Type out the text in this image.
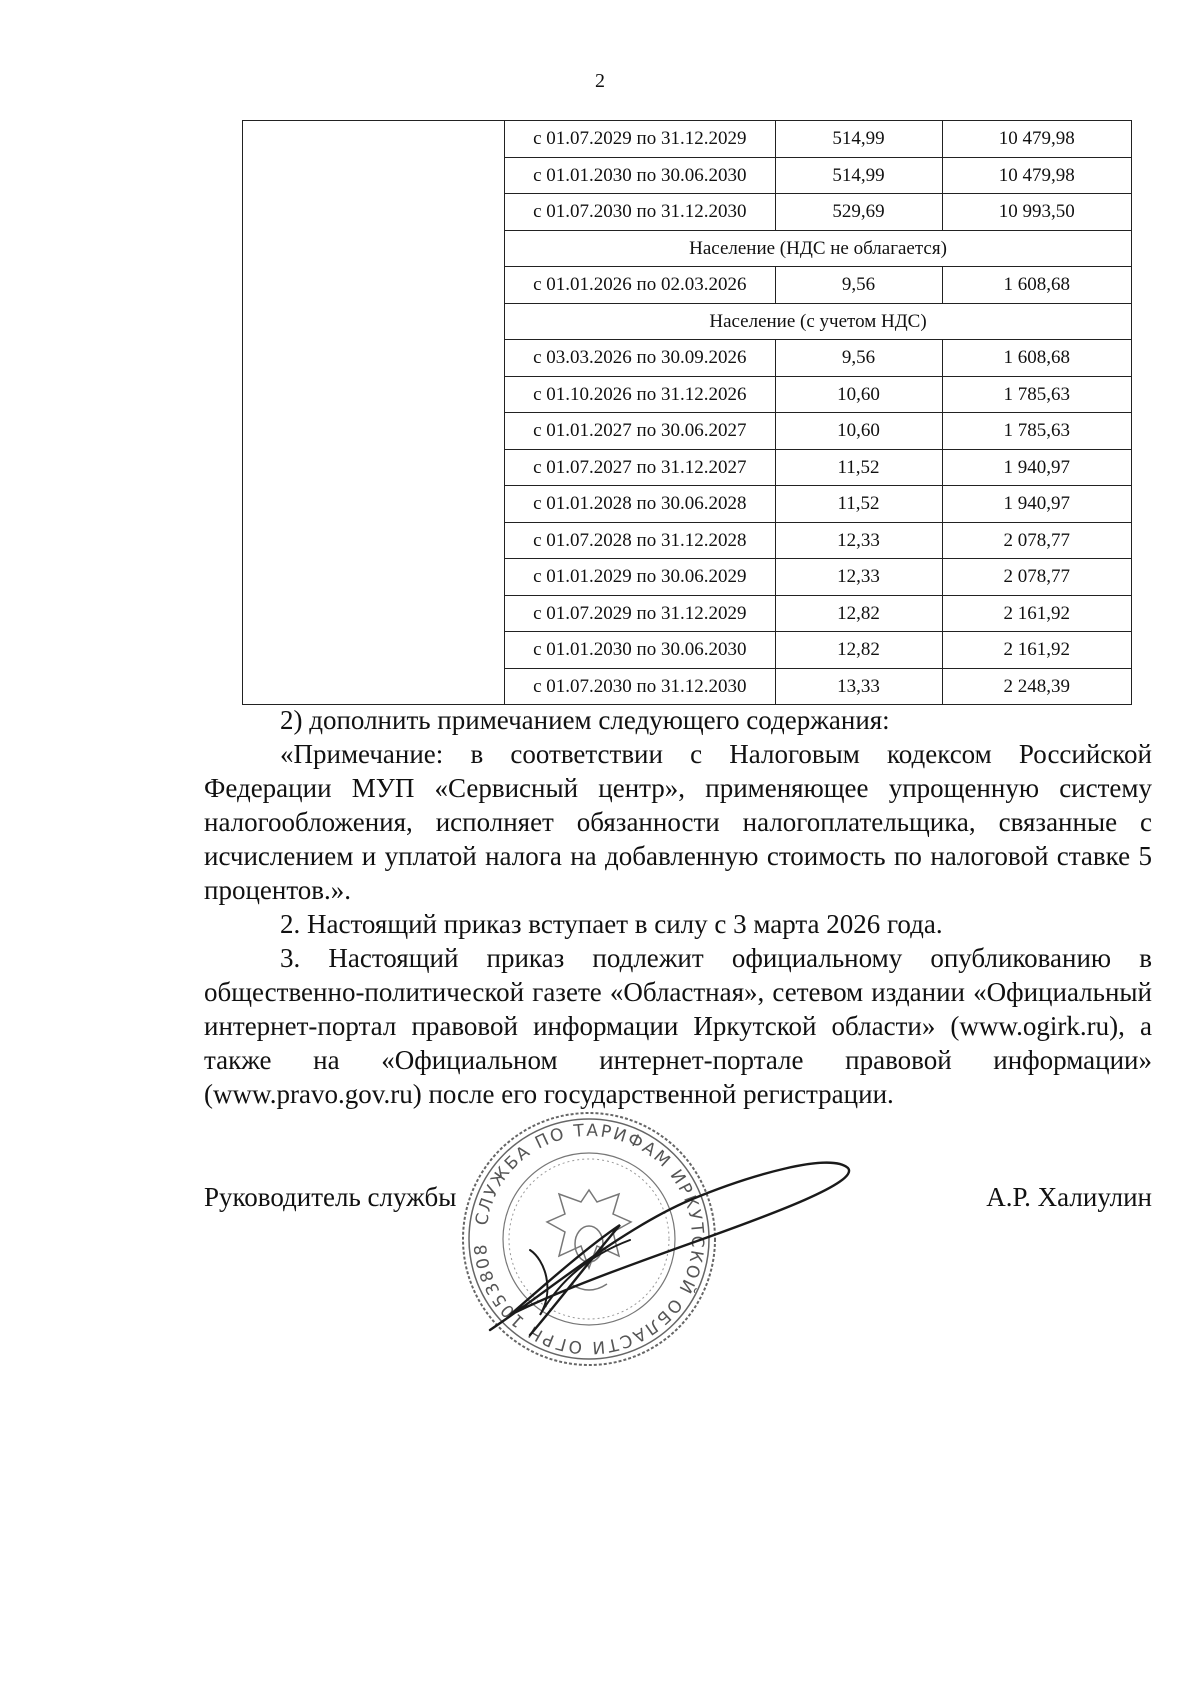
2
	с 01.07.2029 по 31.12.2029	514,99	10 479,98
	с 01.01.2030 по 30.06.2030	514,99	10 479,98
	с 01.07.2030 по 31.12.2030	529,69	10 993,50
	Население (НДС не облагается)		
	с 01.01.2026 по 02.03.2026	9,56	1 608,68
	Население (с учетом НДС)		
	с 03.03.2026 по 30.09.2026	9,56	1 608,68
	с 01.10.2026 по 31.12.2026	10,60	1 785,63
	с 01.01.2027 по 30.06.2027	10,60	1 785,63
	с 01.07.2027 по 31.12.2027	11,52	1 940,97
	с 01.01.2028 по 30.06.2028	11,52	1 940,97
	с 01.07.2028 по 31.12.2028	12,33	2 078,77
	с 01.01.2029 по 30.06.2029	12,33	2 078,77
	с 01.07.2029 по 31.12.2029	12,82	2 161,92
	с 01.01.2030 по 30.06.2030	12,82	2 161,92
	с 01.07.2030 по 31.12.2030	13,33	2 248,39

2) дополнить примечанием следующего содержания:

«Примечание: в соответствии с Налоговым кодексом Российской Федерации МУП «Сервисный центр», применяющее упрощенную систему налогообложения, исполняет обязанности налогоплательщика, связанные с исчислением и уплатой налога на добавленную стоимость по налоговой ставке 5 процентов.».

2. Настоящий приказ вступает в силу с 3 марта 2026 года.

3. Настоящий приказ подлежит официальному опубликованию в общественно-политической газете «Областная», сетевом издании «Официальный интернет-портал правовой информации Иркутской области» (www.ogirk.ru), а также на «Официальном интернет-портале правовой информации» (www.pravo.gov.ru) после его государственной регистрации.

Руководитель службы	А.Р. Халиулин
СЛУЖБА ПО ТАРИФАМ ИРКУТСКОЙ ОБЛАСТИ ОГРН 1053808
